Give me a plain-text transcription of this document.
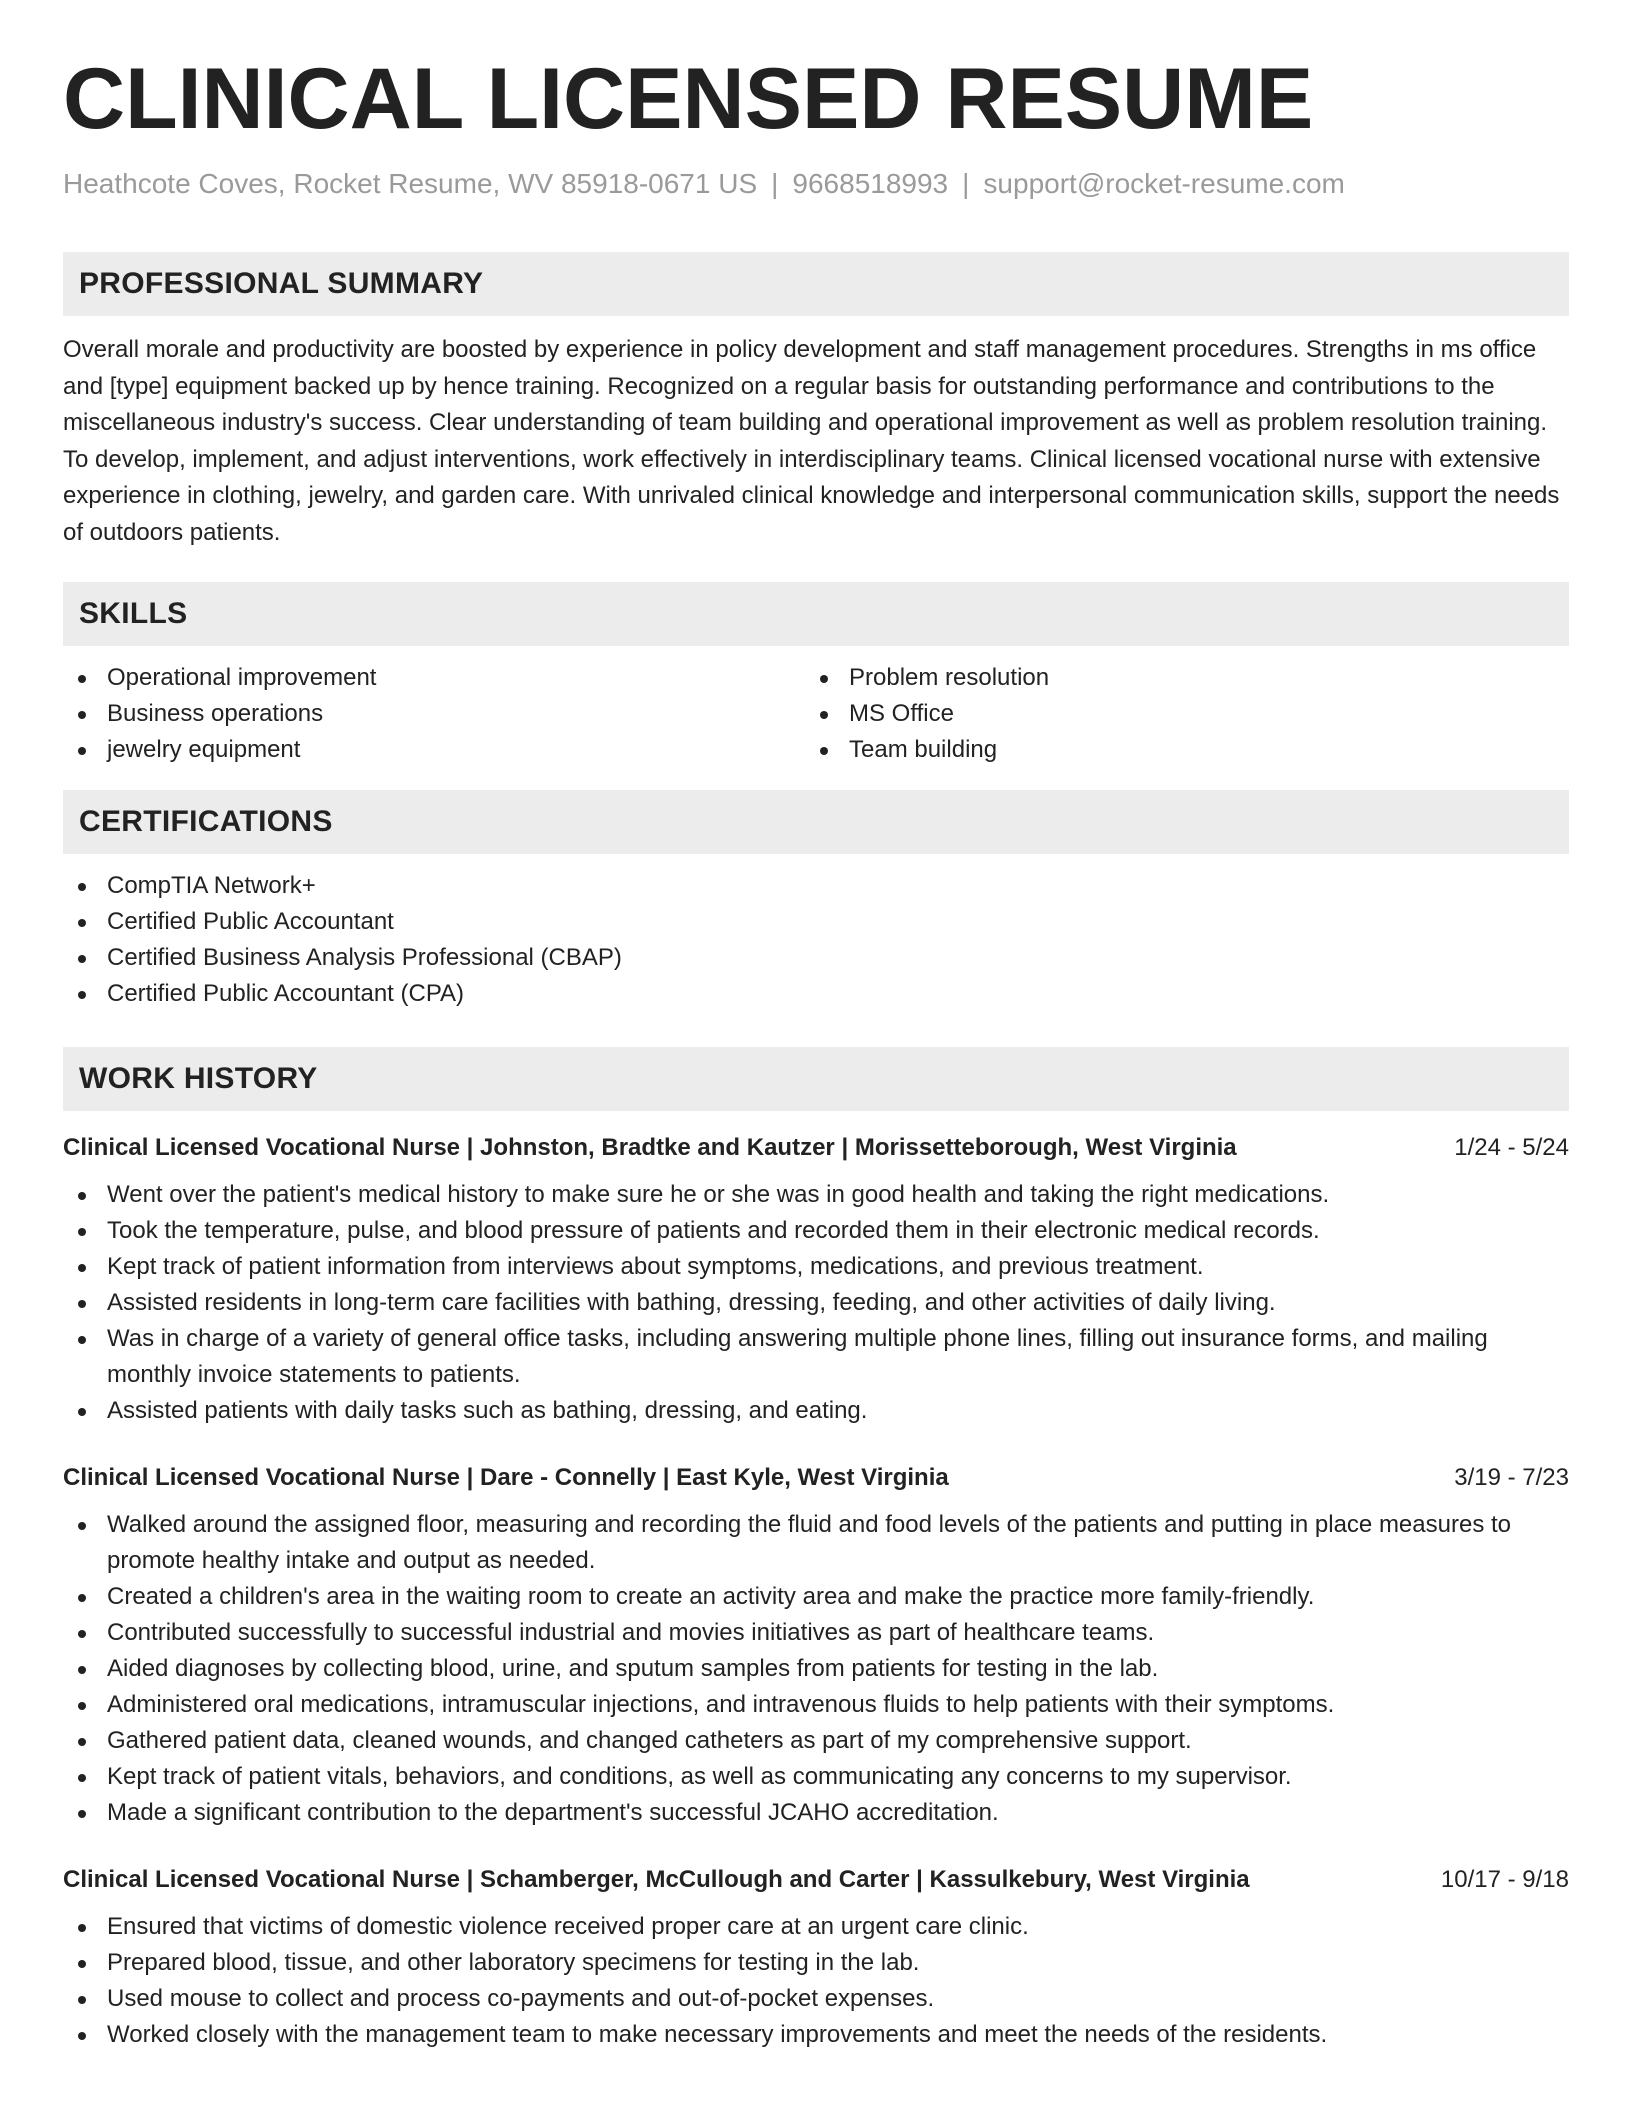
CLINICAL LICENSED RESUME
Heathcote Coves, Rocket Resume, WV 85918-0671 US | 9668518993 | support@rocket-resume.com
PROFESSIONAL SUMMARY

Overall morale and productivity are boosted by experience in policy development and staff management procedures. Strengths in ms office and [type] equipment backed up by hence training. Recognized on a regular basis for outstanding performance and contributions to the miscellaneous industry's success. Clear understanding of team building and operational improvement as well as problem resolution training. To develop, implement, and adjust interventions, work effectively in interdisciplinary teams. Clinical licensed vocational nurse with extensive experience in clothing, jewelry, and garden care. With unrivaled clinical knowledge and interpersonal communication skills, support the needs of outdoors patients.

SKILLS
Operational improvement
Business operations
jewelry equipment
Problem resolution
MS Office
Team building
CERTIFICATIONS
CompTIA Network+
Certified Public Accountant
Certified Business Analysis Professional (CBAP)
Certified Public Accountant (CPA)
WORK HISTORY
Clinical Licensed Vocational Nurse | Johnston, Bradtke and Kautzer | Morissetteborough, West Virginia	1/24 - 5/24
Went over the patient's medical history to make sure he or she was in good health and taking the right medications.
Took the temperature, pulse, and blood pressure of patients and recorded them in their electronic medical records.
Kept track of patient information from interviews about symptoms, medications, and previous treatment.
Assisted residents in long-term care facilities with bathing, dressing, feeding, and other activities of daily living.
Was in charge of a variety of general office tasks, including answering multiple phone lines, filling out insurance forms, and mailing monthly invoice statements to patients.
Assisted patients with daily tasks such as bathing, dressing, and eating.
Clinical Licensed Vocational Nurse | Dare - Connelly | East Kyle, West Virginia	3/19 - 7/23
Walked around the assigned floor, measuring and recording the fluid and food levels of the patients and putting in place measures to promote healthy intake and output as needed.
Created a children's area in the waiting room to create an activity area and make the practice more family-friendly.
Contributed successfully to successful industrial and movies initiatives as part of healthcare teams.
Aided diagnoses by collecting blood, urine, and sputum samples from patients for testing in the lab.
Administered oral medications, intramuscular injections, and intravenous fluids to help patients with their symptoms.
Gathered patient data, cleaned wounds, and changed catheters as part of my comprehensive support.
Kept track of patient vitals, behaviors, and conditions, as well as communicating any concerns to my supervisor.
Made a significant contribution to the department's successful JCAHO accreditation.
Clinical Licensed Vocational Nurse | Schamberger, McCullough and Carter | Kassulkebury, West Virginia	10/17 - 9/18
Ensured that victims of domestic violence received proper care at an urgent care clinic.
Prepared blood, tissue, and other laboratory specimens for testing in the lab.
Used mouse to collect and process co-payments and out-of-pocket expenses.
Worked closely with the management team to make necessary improvements and meet the needs of the residents.
